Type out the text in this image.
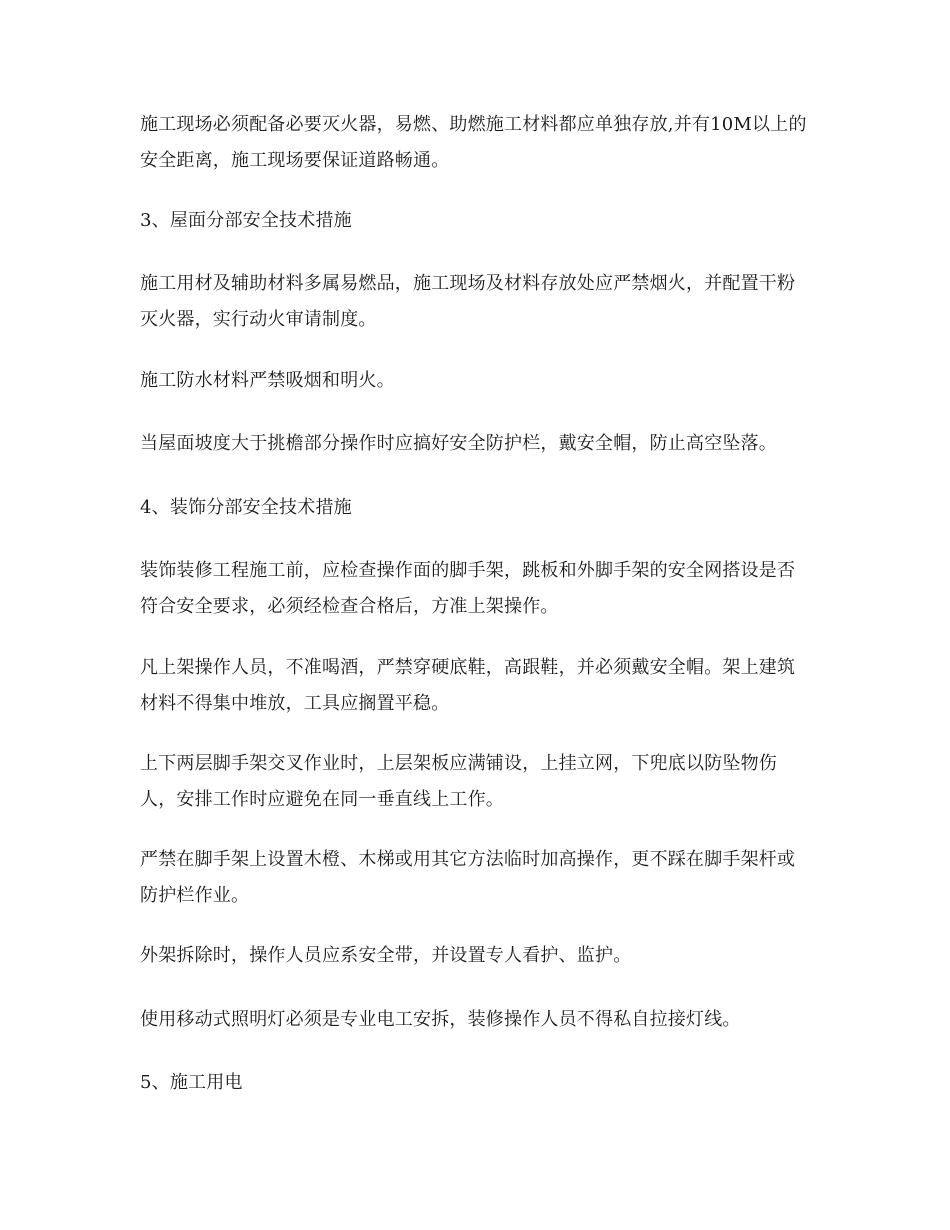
施工现场必须配备必要灭火器，易燃、助燃施工材料都应单独存放,并有10M以上的安全距离，施工现场要保证道路畅通。

3、屋面分部安全技术措施

施工用材及辅助材料多属易燃品，施工现场及材料存放处应严禁烟火，并配置干粉灭火器，实行动火审请制度。

施工防水材料严禁吸烟和明火。

当屋面坡度大于挑檐部分操作时应搞好安全防护栏，戴安全帽，防止高空坠落。

4、装饰分部安全技术措施

装饰装修工程施工前，应检查操作面的脚手架，跳板和外脚手架的安全网搭设是否符合安全要求，必须经检查合格后，方准上架操作。

凡上架操作人员，不准喝酒，严禁穿硬底鞋，高跟鞋，并必须戴安全帽。架上建筑材料不得集中堆放，工具应搁置平稳。

上下两层脚手架交叉作业时，上层架板应满铺设，上挂立网，下兜底以防坠物伤人，安排工作时应避免在同一垂直线上工作。

严禁在脚手架上设置木橙、木梯或用其它方法临时加高操作，更不踩在脚手架杆或防护栏作业。

外架拆除时，操作人员应系安全带，并设置专人看护、监护。

使用移动式照明灯必须是专业电工安拆，装修操作人员不得私自拉接灯线。

5、施工用电
